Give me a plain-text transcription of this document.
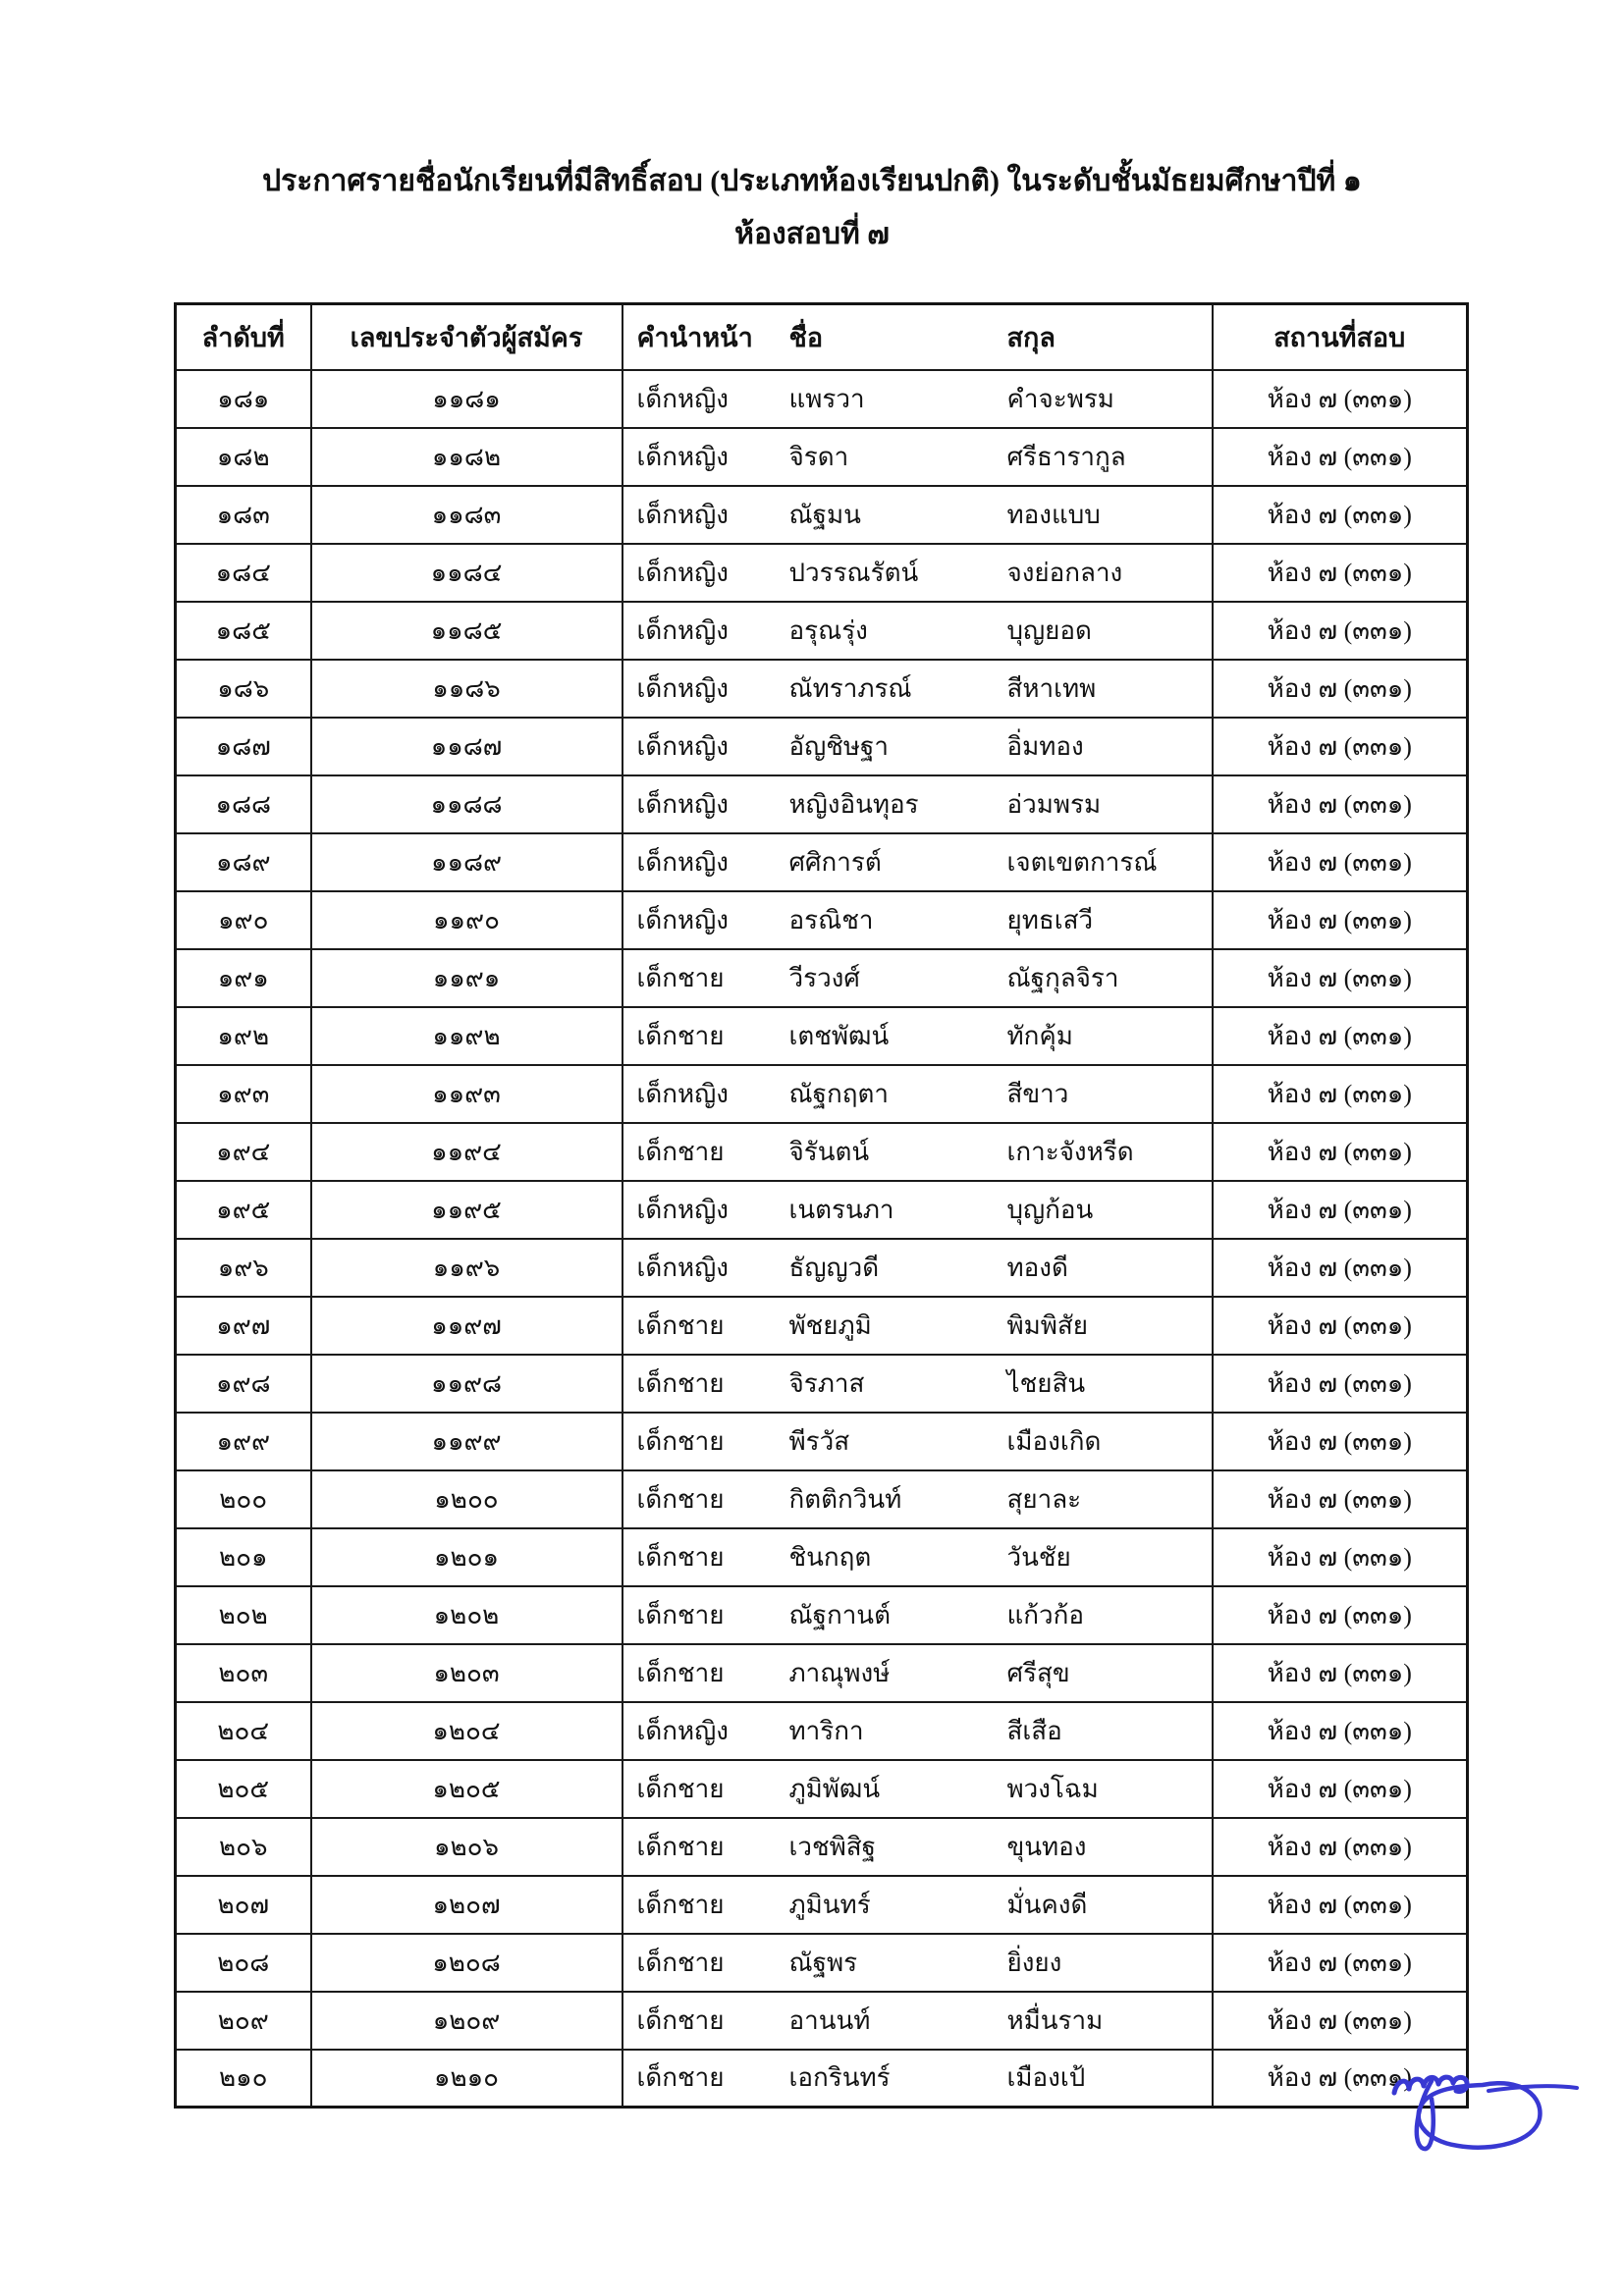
ประกาศรายชื่อนักเรียนที่มีสิทธิ์สอบ (ประเภทห้องเรียนปกติ) ในระดับชั้นมัธยมศึกษาปีที่ ๑
ห้องสอบที่ ๗
ลำดับที่	เลขประจำตัวผู้สมัคร	คำนำหน้า	ชื่อ	สกุล	สถานที่สอบ
๑๘๑	๑๑๘๑	เด็กหญิง	แพรวา	คำจะพรม	ห้อง ๗ (๓๓๑)
๑๘๒	๑๑๘๒	เด็กหญิง	จิรดา	ศรีธารากูล	ห้อง ๗ (๓๓๑)
๑๘๓	๑๑๘๓	เด็กหญิง	ณัฐมน	ทองแบบ	ห้อง ๗ (๓๓๑)
๑๘๔	๑๑๘๔	เด็กหญิง	ปวรรณรัตน์	จงย่อกลาง	ห้อง ๗ (๓๓๑)
๑๘๕	๑๑๘๕	เด็กหญิง	อรุณรุ่ง	บุญยอด	ห้อง ๗ (๓๓๑)
๑๘๖	๑๑๘๖	เด็กหญิง	ณัทราภรณ์	สีหาเทพ	ห้อง ๗ (๓๓๑)
๑๘๗	๑๑๘๗	เด็กหญิง	อัญชิษฐา	อิ่มทอง	ห้อง ๗ (๓๓๑)
๑๘๘	๑๑๘๘	เด็กหญิง	หญิงอินทุอร	อ่วมพรม	ห้อง ๗ (๓๓๑)
๑๘๙	๑๑๘๙	เด็กหญิง	ศศิการต์	เจตเขตการณ์	ห้อง ๗ (๓๓๑)
๑๙๐	๑๑๙๐	เด็กหญิง	อรณิชา	ยุทธเสวี	ห้อง ๗ (๓๓๑)
๑๙๑	๑๑๙๑	เด็กชาย	วีรวงศ์	ณัฐกุลจิรา	ห้อง ๗ (๓๓๑)
๑๙๒	๑๑๙๒	เด็กชาย	เตชพัฒน์	ทักคุ้ม	ห้อง ๗ (๓๓๑)
๑๙๓	๑๑๙๓	เด็กหญิง	ณัฐกฤตา	สีขาว	ห้อง ๗ (๓๓๑)
๑๙๔	๑๑๙๔	เด็กชาย	จิรันตน์	เกาะจังหรีด	ห้อง ๗ (๓๓๑)
๑๙๕	๑๑๙๕	เด็กหญิง	เนตรนภา	บุญก้อน	ห้อง ๗ (๓๓๑)
๑๙๖	๑๑๙๖	เด็กหญิง	ธัญญวดี	ทองดี	ห้อง ๗ (๓๓๑)
๑๙๗	๑๑๙๗	เด็กชาย	พัชยภูมิ	พิมพิสัย	ห้อง ๗ (๓๓๑)
๑๙๘	๑๑๙๘	เด็กชาย	จิรภาส	ไชยสิน	ห้อง ๗ (๓๓๑)
๑๙๙	๑๑๙๙	เด็กชาย	พีรวัส	เมืองเกิด	ห้อง ๗ (๓๓๑)
๒๐๐	๑๒๐๐	เด็กชาย	กิตติกวินท์	สุยาละ	ห้อง ๗ (๓๓๑)
๒๐๑	๑๒๐๑	เด็กชาย	ชินกฤต	วันชัย	ห้อง ๗ (๓๓๑)
๒๐๒	๑๒๐๒	เด็กชาย	ณัฐกานต์	แก้วก้อ	ห้อง ๗ (๓๓๑)
๒๐๓	๑๒๐๓	เด็กชาย	ภาณุพงษ์	ศรีสุข	ห้อง ๗ (๓๓๑)
๒๐๔	๑๒๐๔	เด็กหญิง	ทาริกา	สีเสือ	ห้อง ๗ (๓๓๑)
๒๐๕	๑๒๐๕	เด็กชาย	ภูมิพัฒน์	พวงโฉม	ห้อง ๗ (๓๓๑)
๒๐๖	๑๒๐๖	เด็กชาย	เวชพิสิฐ	ขุนทอง	ห้อง ๗ (๓๓๑)
๒๐๗	๑๒๐๗	เด็กชาย	ภูมินทร์	มั่นคงดี	ห้อง ๗ (๓๓๑)
๒๐๘	๑๒๐๘	เด็กชาย	ณัฐพร	ยิ่งยง	ห้อง ๗ (๓๓๑)
๒๐๙	๑๒๐๙	เด็กชาย	อานนท์	หมื่นราม	ห้อง ๗ (๓๓๑)
๒๑๐	๑๒๑๐	เด็กชาย	เอกรินทร์	เมืองเป้	ห้อง ๗ (๓๓๑)
